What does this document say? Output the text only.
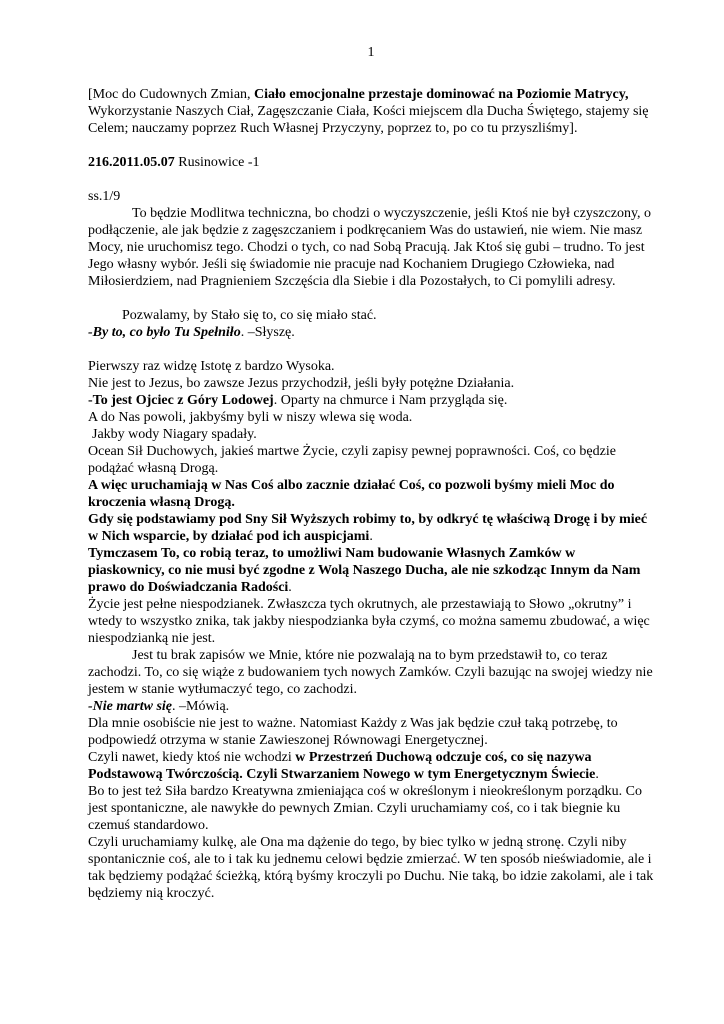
1

[Moc do Cudownych Zmian, Ciało emocjonalne przestaje dominować na Poziomie Matrycy, Wykorzystanie Naszych Ciał, Zagęszczanie Ciała, Kości miejscem dla Ducha Świętego, stajemy się Celem; nauczamy poprzez Ruch Własnej Przyczyny, poprzez to, po co tu przyszliśmy].

216.2011.05.07 Rusinowice -1

ss.1/9

To będzie Modlitwa techniczna, bo chodzi o wyczyszczenie, jeśli Ktoś nie był czyszczony, o podłączenie, ale jak będzie z zagęszczaniem i podkręcaniem Was do ustawień, nie wiem. Nie masz Mocy, nie uruchomisz tego. Chodzi o tych, co nad Sobą Pracują. Jak Ktoś się gubi – trudno. To jest Jego własny wybór. Jeśli się świadomie nie pracuje nad Kochaniem Drugiego Człowieka, nad Miłosierdziem, nad Pragnieniem Szczęścia dla Siebie i dla Pozostałych, to Ci pomylili adresy.

Pozwalamy, by Stało się to, co się miało stać.

-By to, co było Tu Spełniło. –Słyszę.

Pierwszy raz widzę Istotę z bardzo Wysoka.

Nie jest to Jezus, bo zawsze Jezus przychodził, jeśli były potężne Działania.

-To jest Ojciec z Góry Lodowej. Oparty na chmurce i Nam przygląda się.

A do Nas powoli, jakbyśmy byli w niszy wlewa się woda.

Jakby wody Niagary spadały.

Ocean Sił Duchowych, jakieś martwe Życie, czyli zapisy pewnej poprawności. Coś, co będzie podążać własną Drogą.

A więc uruchamiają w Nas Coś albo zacznie działać Coś, co pozwoli byśmy mieli Moc do kroczenia własną Drogą.

Gdy się podstawiamy pod Sny Sił Wyższych robimy to, by odkryć tę właściwą Drogę i by mieć w Nich wsparcie, by działać pod ich auspicjami.

Tymczasem To, co robią teraz, to umożliwi Nam budowanie Własnych Zamków w piaskownicy, co nie musi być zgodne z Wolą Naszego Ducha, ale nie szkodząc Innym da Nam prawo do Doświadczania Radości.

Życie jest pełne niespodzianek. Zwłaszcza tych okrutnych, ale przestawiają to Słowo „okrutny” i wtedy to wszystko znika, tak jakby niespodzianka była czymś, co można samemu zbudować, a więc niespodzianką nie jest.

Jest tu brak zapisów we Mnie, które nie pozwalają na to bym przedstawił to, co teraz zachodzi. To, co się wiąże z budowaniem tych nowych Zamków. Czyli bazując na swojej wiedzy nie jestem w stanie wytłumaczyć tego, co zachodzi.

-Nie martw się. –Mówią.

Dla mnie osobiście nie jest to ważne. Natomiast Każdy z Was jak będzie czuł taką potrzebę, to podpowiedź otrzyma w stanie Zawieszonej Równowagi Energetycznej.

Czyli nawet, kiedy ktoś nie wchodzi w Przestrzeń Duchową odczuje coś, co się nazywa Podstawową Twórczością. Czyli Stwarzaniem Nowego w tym Energetycznym Świecie.

Bo to jest też Siła bardzo Kreatywna zmieniająca coś w określonym i nieokreślonym porządku. Co jest spontaniczne, ale nawykłe do pewnych Zmian. Czyli uruchamiamy coś, co i tak biegnie ku czemuś standardowo.

Czyli uruchamiamy kulkę, ale Ona ma dążenie do tego, by biec tylko w jedną stronę. Czyli niby spontanicznie coś, ale to i tak ku jednemu celowi będzie zmierzać. W ten sposób nieświadomie, ale i tak będziemy podążać ścieżką, którą byśmy kroczyli po Duchu. Nie taką, bo idzie zakolami, ale i tak będziemy nią kroczyć.
